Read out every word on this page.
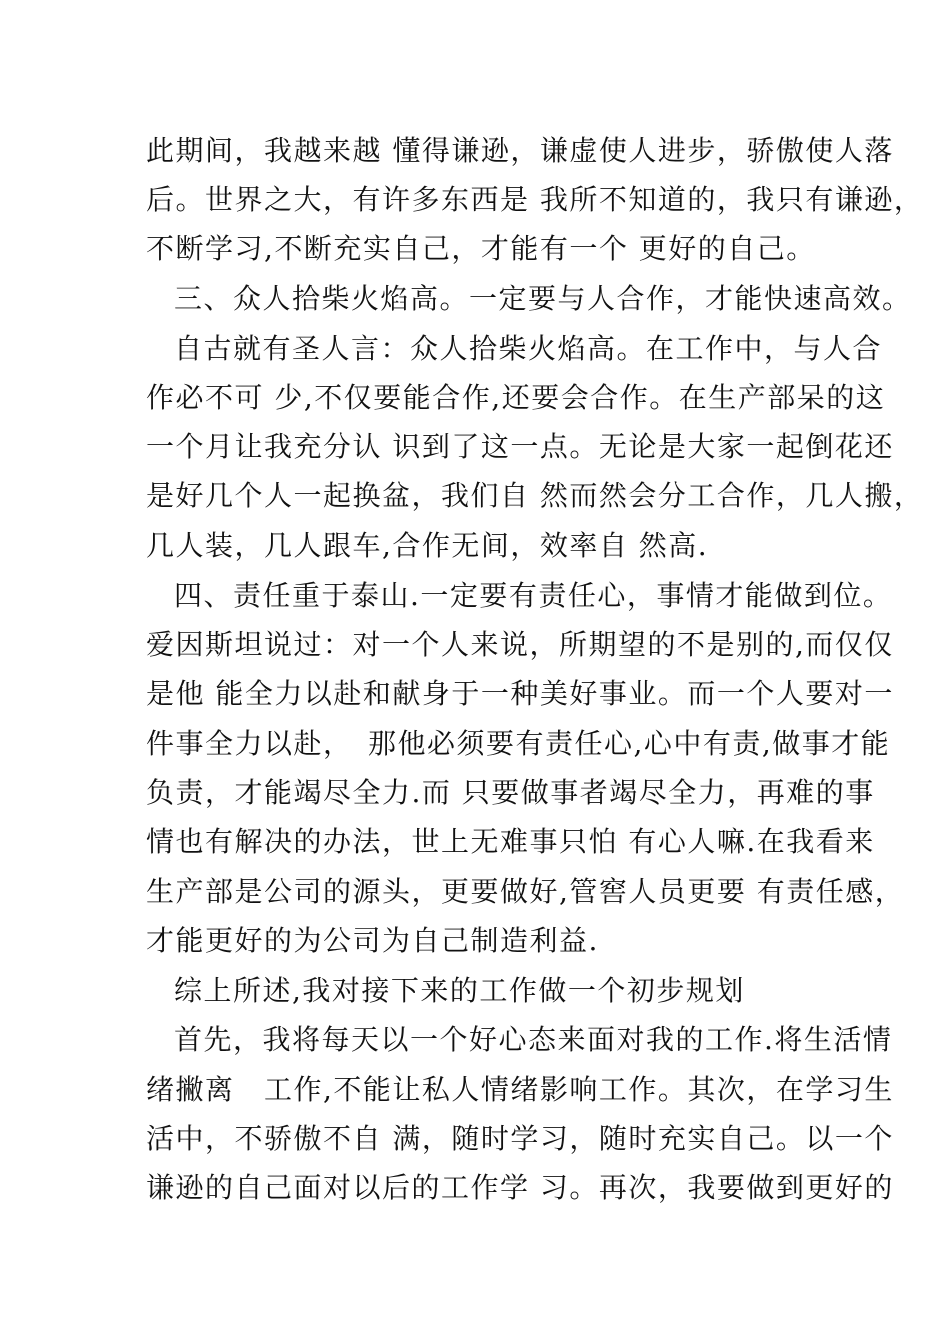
此期间，我越来越 懂得谦逊，谦虚使人进步，骄傲使人落
后。世界之大，有许多东西是 我所不知道的，我只有谦逊，
不断学习,不断充实自己，才能有一个 更好的自己。
三、众人拾柴火焰高。一定要与人合作，才能快速高效。
自古就有圣人言：众人拾柴火焰高。在工作中，与人合
作必不可 少,不仅要能合作,还要会合作。在生产部呆的这
一个月让我充分认 识到了这一点。无论是大家一起倒花还
是好几个人一起换盆，我们自 然而然会分工合作，几人搬，
几人装，几人跟车,合作无间，效率自 然高.
四、责任重于泰山.一定要有责任心，事情才能做到位。
爱因斯坦说过：对一个人来说，所期望的不是别的,而仅仅
是他 能全力以赴和献身于一种美好事业。而一个人要对一
件事全力以赴，　那他必须要有责任心,心中有责,做事才能
负责，才能竭尽全力.而 只要做事者竭尽全力，再难的事
情也有解决的办法，世上无难事只怕 有心人嘛.在我看来
生产部是公司的源头，更要做好,管窖人员更要 有责任感，
才能更好的为公司为自己制造利益.
综上所述,我对接下来的工作做一个初步规划
首先，我将每天以一个好心态来面对我的工作.将生活情
绪撇离　工作,不能让私人情绪影响工作。其次，在学习生
活中，不骄傲不自 满，随时学习，随时充实自己。以一个
谦逊的自己面对以后的工作学 习。再次，我要做到更好的
